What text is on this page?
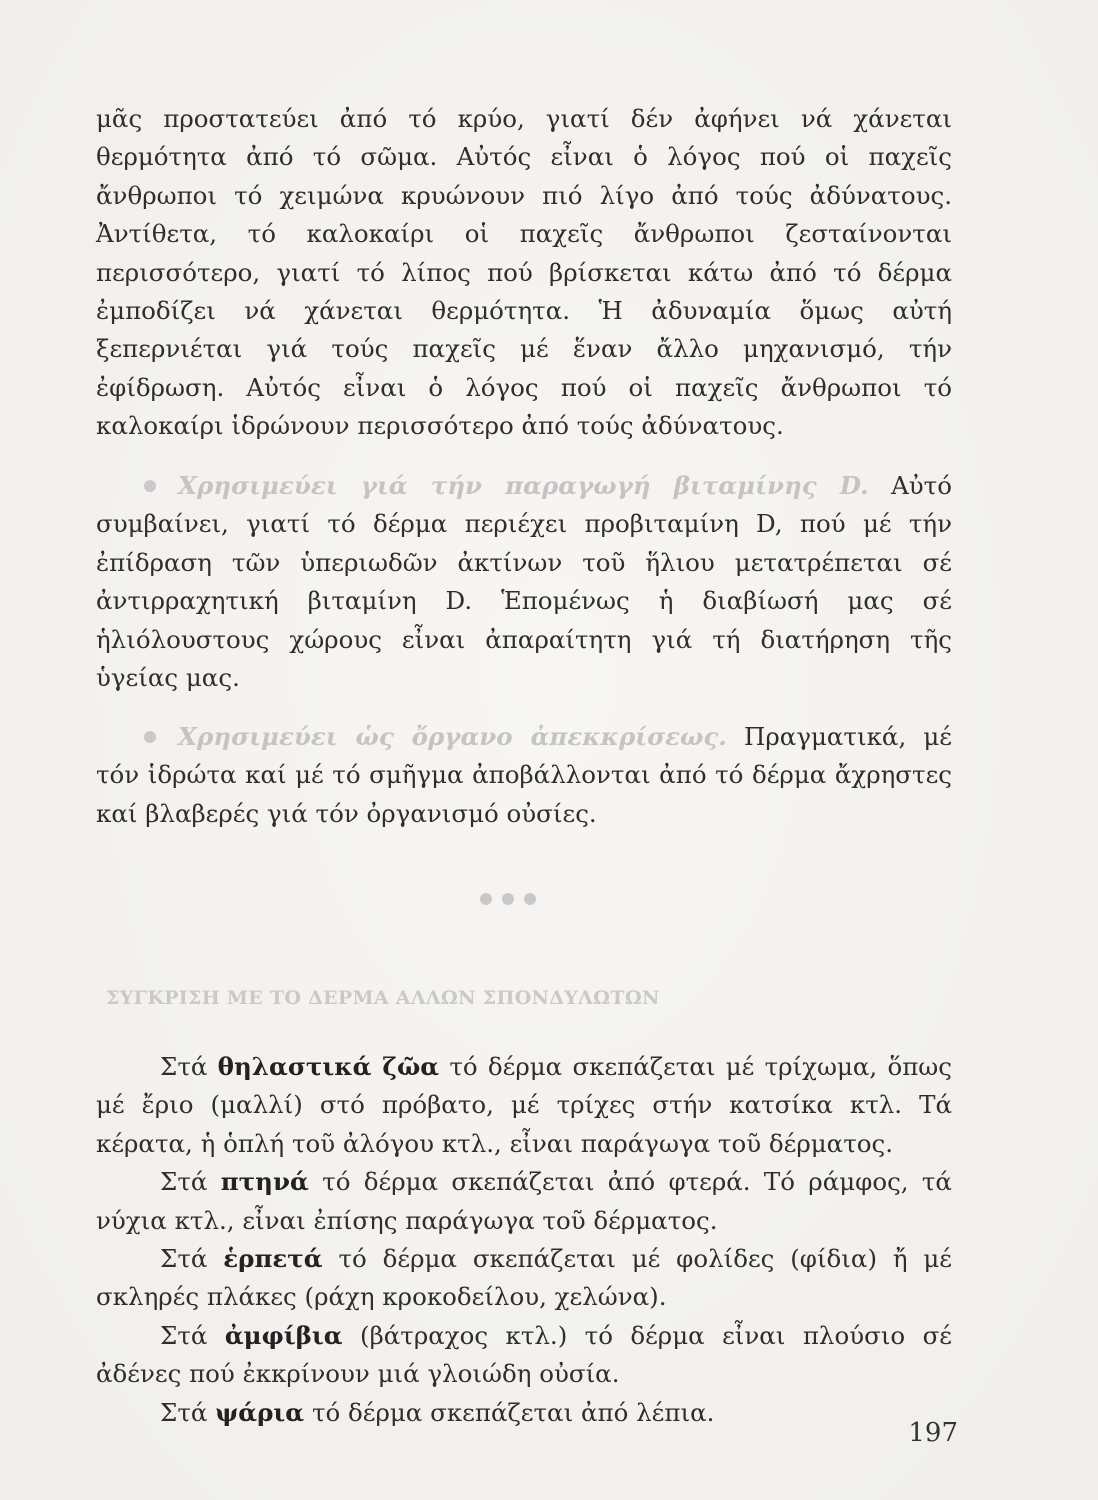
μᾶς προστατεύει ἀπό τό κρύο, γιατί δέν ἀφήνει νά χάνεται θερμότητα ἀπό τό σῶμα. Αὐτός εἶναι ὁ λόγος πού οἱ παχεῖς ἄνθρωποι τό χειμώνα κρυώνουν πιό λίγο ἀπό τούς ἀδύνατους. Ἀντίθετα, τό καλοκαίρι οἱ παχεῖς ἄνθρωποι ζεσταίνονται περισσότερο, γιατί τό λίπος πού βρίσκεται κάτω ἀπό τό δέρμα ἐμποδίζει νά χάνεται θερμότητα. Ἡ ἀδυναμία ὅμως αὐτή ξεπερνιέται γιά τούς παχεῖς μέ ἕναν ἄλλο μηχανισμό, τήν ἐφίδρωση. Αὐτός εἶναι ὁ λόγος πού οἱ παχεῖς ἄνθρωποι τό καλοκαίρι ἱδρώνουν περισσότερο ἀπό τούς ἀδύνατους.

Χρησιμεύει γιά τήν παραγωγή βιταμίνης D. Αὐτό συμβαίνει, γιατί τό δέρμα περιέχει προβιταμίνη D, πού μέ τήν ἐπίδραση τῶν ὑπεριωδῶν ἀκτίνων τοῦ ἥλιου μετατρέπεται σέ ἀντιρραχητική βιταμίνη D. Ἑπομένως ἡ διαβίωσή μας σέ ἡλιόλουστους χώρους εἶναι ἀπαραίτητη γιά τή διατήρηση τῆς ὑγείας μας.

Χρησιμεύει ὡς ὄργανο ἀπεκκρίσεως. Πραγματικά, μέ τόν ἱδρώτα καί μέ τό σμῆγμα ἀποβάλλονται ἀπό τό δέρμα ἄχρηστες καί βλαβερές γιά τόν ὀργανισμό οὐσίες.

ΣΥΓΚΡΙΣΗ ΜΕ ΤΟ ΔΕΡΜΑ ΑΛΛΩΝ ΣΠΟΝΔΥΛΩΤΩΝ

Στά θηλαστικά ζῶα τό δέρμα σκεπάζεται μέ τρίχωμα, ὅπως μέ ἔριο (μαλλί) στό πρόβατο, μέ τρίχες στήν κατσίκα κτλ. Τά κέρατα, ἡ ὁπλή τοῦ ἀλόγου κτλ., εἶναι παράγωγα τοῦ δέρματος.

Στά πτηνά τό δέρμα σκεπάζεται ἀπό φτερά. Τό ράμφος, τά νύχια κτλ., εἶναι ἐπίσης παράγωγα τοῦ δέρματος.

Στά ἑρπετά τό δέρμα σκεπάζεται μέ φολίδες (φίδια) ἤ μέ σκληρές πλάκες (ράχη κροκοδείλου, χελώνα).

Στά ἀμφίβια (βάτραχος κτλ.) τό δέρμα εἶναι πλούσιο σέ ἀδένες πού ἐκκρίνουν μιά γλοιώδη οὐσία.

Στά ψάρια τό δέρμα σκεπάζεται ἀπό λέπια.

197
